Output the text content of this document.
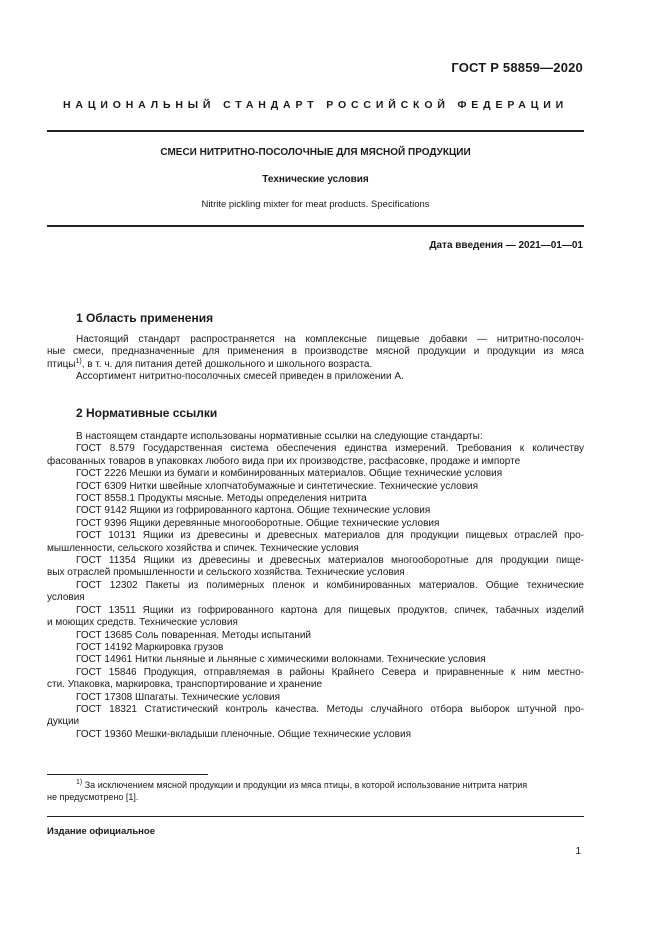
ГОСТ Р 58859—2020
НАЦИОНАЛЬНЫЙ СТАНДАРТ РОССИЙСКОЙ ФЕДЕРАЦИИ
СМЕСИ НИТРИТНО-ПОСОЛОЧНЫЕ ДЛЯ МЯСНОЙ ПРОДУКЦИИ
Технические условия
Nitrite pickling mixter for meat products. Specifications
Дата введения — 2021—01—01
1 Область применения
Настоящий стандарт распространяется на комплексные пищевые добавки — нитритно-посолоч-
ные смеси, предназначенные для применения в производстве мясной продукции и продукции из мяса
птицы$^{1)}$, в т. ч. для питания детей дошкольного и школьного возраста.
Ассортимент нитритно-посолочных смесей приведен в приложении А.
2 Нормативные ссылки
В настоящем стандарте использованы нормативные ссылки на следующие стандарты:
ГОСТ 8.579 Государственная система обеспечения единства измерений. Требования к количеству
фасованных товаров в упаковках любого вида при их производстве, расфасовке, продаже и импорте
ГОСТ 2226 Мешки из бумаги и комбинированных материалов. Общие технические условия
ГОСТ 6309 Нитки швейные хлопчатобумажные и синтетические. Технические условия
ГОСТ 8558.1 Продукты мясные. Методы определения нитрита
ГОСТ 9142 Ящики из гофрированного картона. Общие технические условия
ГОСТ 9396 Ящики деревянные многооборотные. Общие технические условия
ГОСТ 10131 Ящики из древесины и древесных материалов для продукции пищевых отраслей про-
мышленности, сельского хозяйства и спичек. Технические условия
ГОСТ 11354 Ящики из древесины и древесных материалов многооборотные для продукции пище-
вых отраслей промышленности и сельского хозяйства. Технические условия
ГОСТ 12302 Пакеты из полимерных пленок и комбинированных материалов. Общие технические
условия
ГОСТ 13511 Ящики из гофрированного картона для пищевых продуктов, спичек, табачных изделий
и моющих средств. Технические условия
ГОСТ 13685 Соль поваренная. Методы испытаний
ГОСТ 14192 Маркировка грузов
ГОСТ 14961 Нитки льняные и льняные с химическими волокнами. Технические условия
ГОСТ 15846 Продукция, отправляемая в районы Крайнего Севера и приравненные к ним местно-
сти. Упаковка, маркировка, транспортирование и хранение
ГОСТ 17308 Шпагаты. Технические условия
ГОСТ 18321 Статистический контроль качества. Методы случайного отбора выборок штучной про-
дукции
ГОСТ 19360 Мешки-вкладыши пленочные. Общие технические условия
$^{1)}$ За исключением мясной продукции и продукции из мяса птицы, в которой использование нитрита натрия
не предусмотрено [1].
Издание официальное
1
